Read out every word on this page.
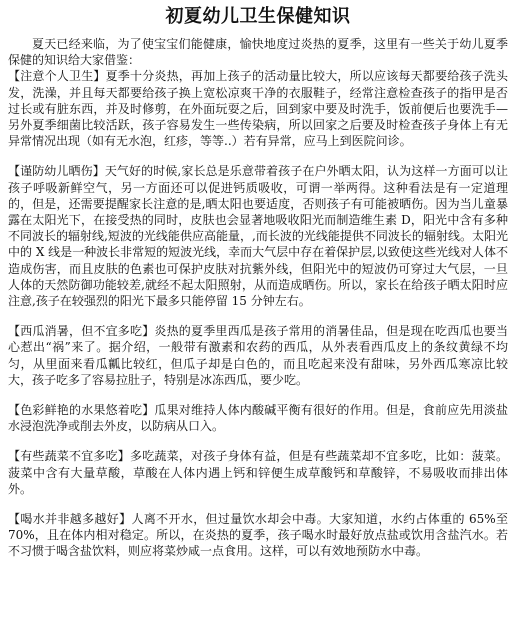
初夏幼儿卫生保健知识

夏天已经来临，为了使宝宝们能健康，愉快地度过炎热的夏季，这里有一些关于幼儿夏季保健的知识给大家借鉴：

【注意个人卫生】夏季十分炎热，再加上孩子的活动量比较大，所以应该每天都要给孩子洗头发，洗澡，并且每天都要给孩子换上宽松凉爽干净的衣服鞋子，经常注意检查孩子的指甲是否过长或有脏东西，并及时修剪，在外面玩耍之后，回到家中要及时洗手，饭前便后也要洗手—另外夏季细菌比较活跃，孩子容易发生一些传染病，所以回家之后要及时检查孩子身体上有无异常情况出现（如有无水泡，红疹，等等..）若有异常，应马上到医院问诊。

【谨防幼儿晒伤】天气好的时候,家长总是乐意带着孩子在户外晒太阳，认为这样一方面可以让孩子呼吸新鲜空气，另一方面还可以促进钙质吸收，可谓一举两得。这种看法是有一定道理的，但是，还需要提醒家长注意的是,晒太阳也要适度，否则孩子有可能被晒伤。因为当儿童暴露在太阳光下，在接受热的同时，皮肤也会显著地吸收阳光而制造维生素 D，阳光中含有多种不同波长的辐射线,短波的光线能供应高能量，,而长波的光线能提供不同波长的辐射线。太阳光中的 X 线是一种波长非常短的短波光线，幸而大气层中存在着保护层,以致使这些光线对人体不造成伤害，而且皮肤的色素也可保护皮肤对抗紫外线，但阳光中的短波仍可穿过大气层，一旦人体的天然防御功能较差,就经不起太阳照射，从而造成晒伤。所以，家长在给孩子晒太阳时应注意,孩子在较强烈的阳光下最多只能停留 15 分钟左右。

【西瓜消暑，但不宜多吃】炎热的夏季里西瓜是孩子常用的消暑佳品，但是现在吃西瓜也要当心惹出“祸”来了。据介绍，一般带有激素和农药的西瓜，从外表看西瓜皮上的条纹黄绿不均匀，从里面来看瓜瓤比较红，但瓜子却是白色的，而且吃起来没有甜味，另外西瓜寒凉比较大，孩子吃多了容易拉肚子，特别是冰冻西瓜，要少吃。

【色彩鲜艳的水果悠着吃】瓜果对维持人体内酸碱平衡有很好的作用。但是，食前应先用淡盐水浸泡洗净或削去外皮，以防病从口入。

【有些蔬菜不宜多吃】多吃蔬菜，对孩子身体有益，但是有些蔬菜却不宜多吃，比如：菠菜。菠菜中含有大量草酸，草酸在人体内遇上钙和锌便生成草酸钙和草酸锌，不易吸收而排出体外。

【喝水并非越多越好】人离不开水，但过量饮水却会中毒。大家知道，水约占体重的 65%至 70%，且在体内相对稳定。所以，在炎热的夏季，孩子喝水时最好放点盐或饮用含盐汽水。若不习惯于喝含盐饮料，则应将菜炒咸一点食用。这样，可以有效地预防水中毒。
